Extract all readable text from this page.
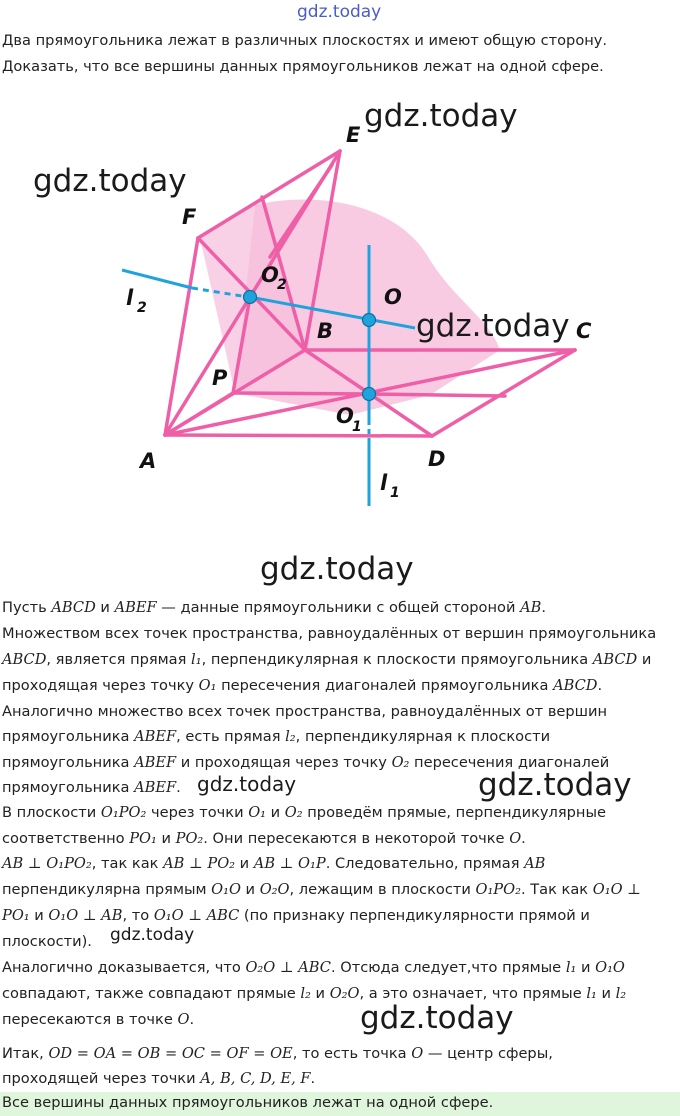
gdz.today

Два прямоугольника лежат в различных плоскостях и имеют общую сторону.

Доказать, что все вершины данных прямоугольников лежат на одной сфере.

E
F
A
B	C
D
P
O
O
2
O
1
l 2
l 1
gdz.today
gdz.today
gdz.today
gdz.today

Пусть ABCD и ABEF — данные прямоугольники с общей стороной AB.

Множеством всех точек пространства, равноудалённых от вершин прямоугольника

ABCD, является прямая l₁, перпендикулярная к плоскости прямоугольника ABCD и

проходящая через точку O₁ пересечения диагоналей прямоугольника ABCD.

Аналогично множество всех точек пространства, равноудалённых от вершин

прямоугольника ABEF, есть прямая l₂, перпендикулярная к плоскости

прямоугольника ABEF и проходящая через точку O₂ пересечения диагоналей

прямоугольника ABEF. gdz.today	gdz.today

В плоскости O₁PO₂ через точки O₁ и O₂ проведём прямые, перпендикулярные

соответственно PO₁ и PO₂. Они пересекаются в некоторой точке O.

AB ⊥ O₁PO₂, так как AB ⊥ PO₂ и AB ⊥ O₁P. Следовательно, прямая AB

перпендикулярна прямым O₁O и O₂O, лежащим в плоскости O₁PO₂. Так как O₁O ⊥

PO₁ и O₁O ⊥ AB, то O₁O ⊥ ABC (по признаку перпендикулярности прямой и

плоскости).	gdz.today

Аналогично доказывается, что O₂O ⊥ ABC. Отсюда следует,что прямые l₁ и O₁O

совпадают, также совпадают прямые l₂ и O₂O, а это означает, что прямые l₁ и l₂

пересекаются в точке O.	gdz.today

Итак, OD = OA = OB = OC = OF = OE, то есть точка O — центр сферы,

проходящей через точки A, B, C, D, E, F.

Все вершины данных прямоугольников лежат на одной сфере.
